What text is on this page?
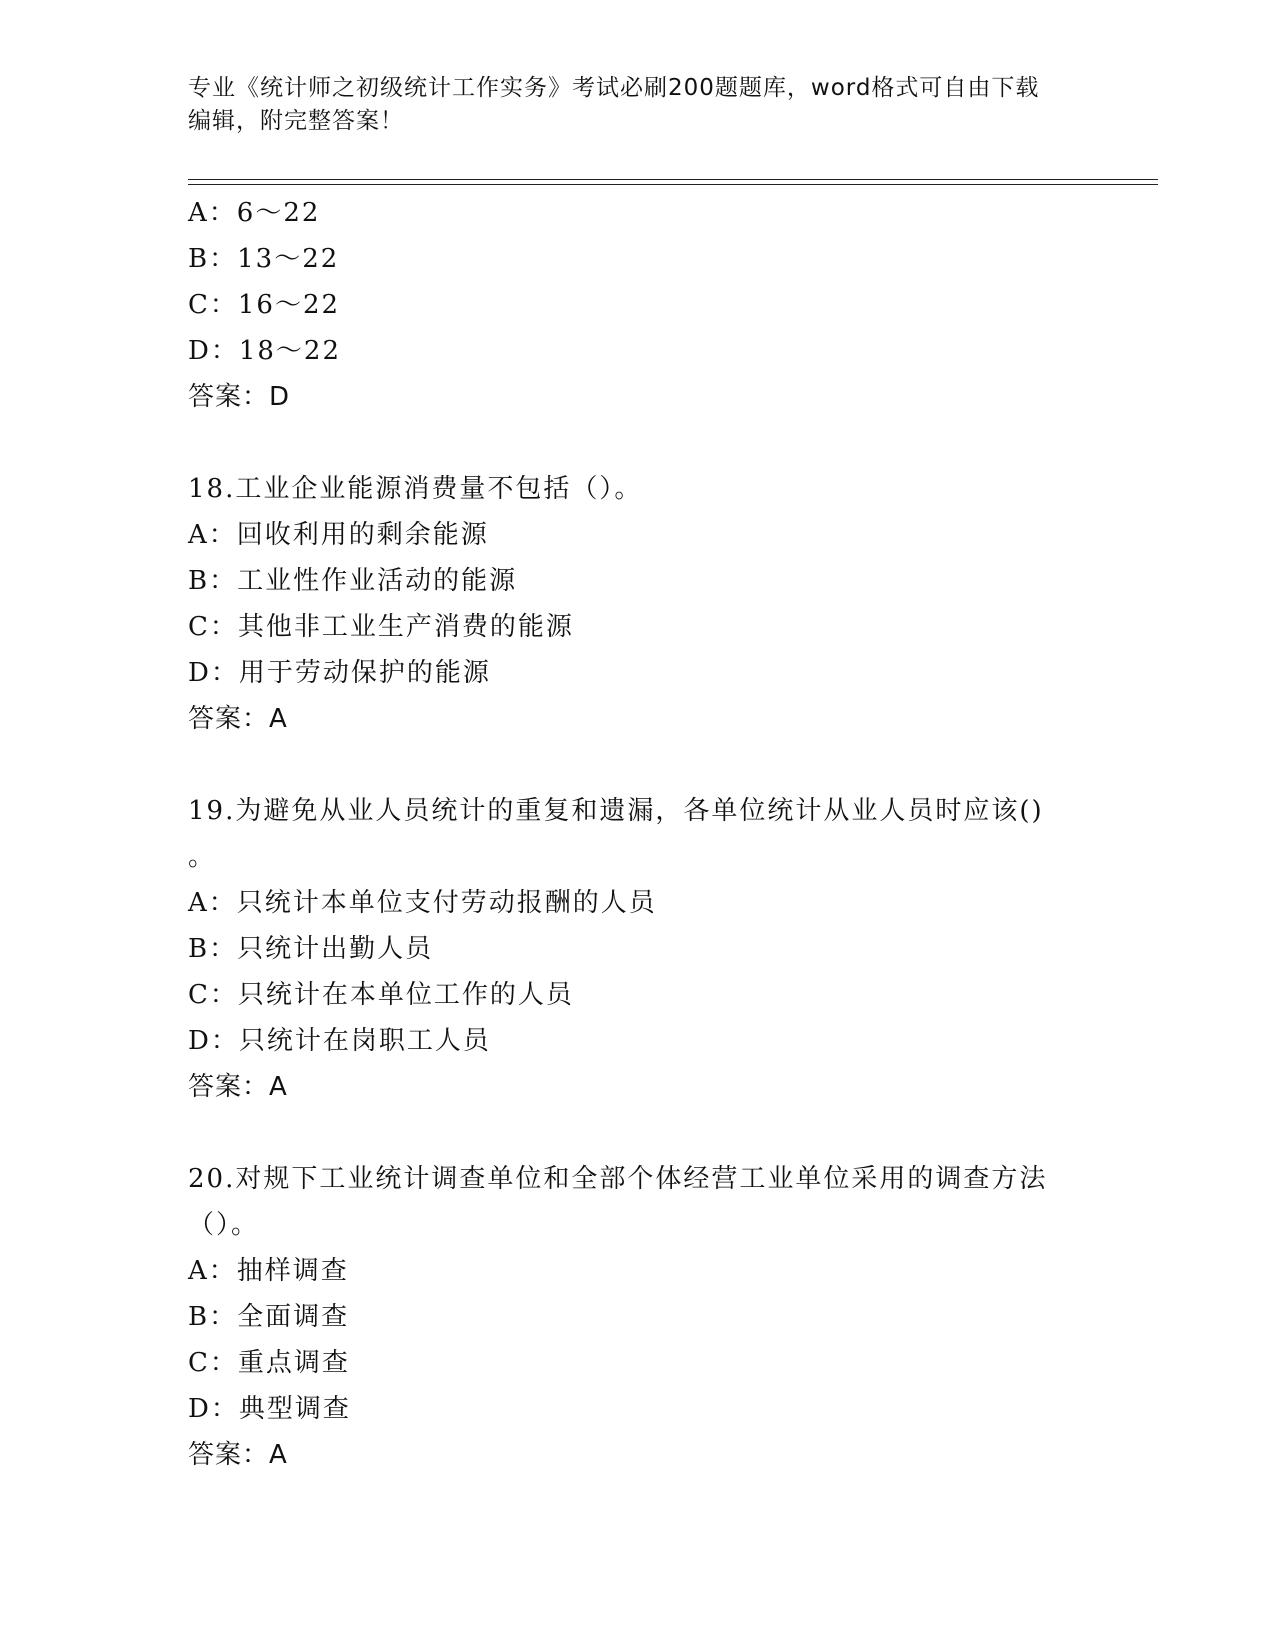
专业《统计师之初级统计工作实务》考试必刷200题题库，word格式可自由下载
编辑，附完整答案！
A：6～22
B：13～22
C：16～22
D：18～22
答案：D
18.工业企业能源消费量不包括（）。
A：回收利用的剩余能源
B：工业性作业活动的能源
C：其他非工业生产消费的能源
D：用于劳动保护的能源
答案：A
19.为避免从业人员统计的重复和遗漏，各单位统计从业人员时应该()
。
A：只统计本单位支付劳动报酬的人员
B：只统计出勤人员
C：只统计在本单位工作的人员
D：只统计在岗职工人员
答案：A
20.对规下工业统计调查单位和全部个体经营工业单位采用的调查方法
（）。
A：抽样调查
B：全面调查
C：重点调查
D：典型调查
答案：A
